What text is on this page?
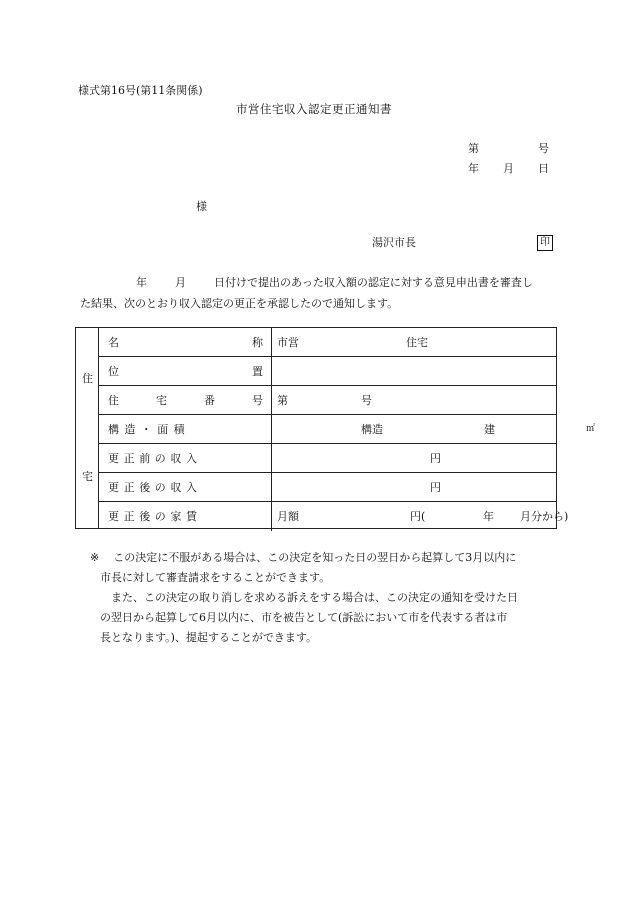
様式第16号(第11条関係)
市営住宅収入認定更正通知書
第	号
年 月 日
様
湯沢市長	印
年	月	日付けで提出のあった収入額の認定に対する意見申出書を審査し
た結果、次のとおり収入認定の更正を承認したので通知します。
住
宅
名	称 市営	住宅
位	置
住	宅	番	号 第	号
構造・面積	構造	建	㎡
更正前の収入	円
更正後の収入	円
更正後の家賃	月額	円(	年 月分から)
※ この決定に不服がある場合は、この決定を知った日の翌日から起算して3月以内に
市長に対して審査請求をすることができます。
また、この決定の取り消しを求める訴えをする場合は、この決定の通知を受けた日
の翌日から起算して6月以内に、市を被告として(訴訟において市を代表する者は市
長となります。)、提起することができます。
